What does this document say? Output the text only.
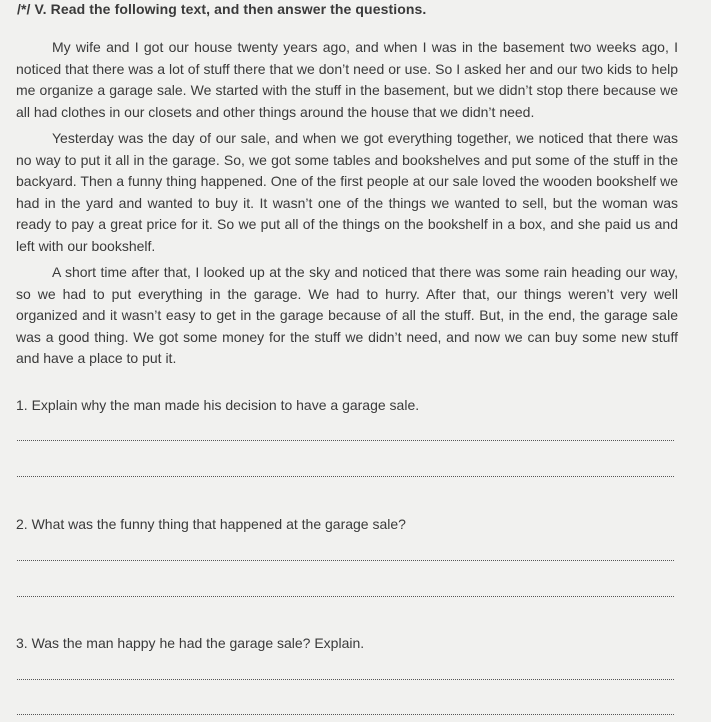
/*/ V. Read the following text, and then answer the questions.

My wife and I got our house twenty years ago, and when I was in the basement two weeks ago, I noticed that there was a lot of stuff there that we don’t need or use. So I asked her and our two kids to help me organize a garage sale. We started with the stuff in the basement, but we didn’t stop there because we all had clothes in our closets and other things around the house that we didn’t need.

Yesterday was the day of our sale, and when we got everything together, we noticed that there was no way to put it all in the garage. So, we got some tables and bookshelves and put some of the stuff in the backyard. Then a funny thing happened. One of the first people at our sale loved the wooden bookshelf we had in the yard and wanted to buy it. It wasn’t one of the things we wanted to sell, but the woman was ready to pay a great price for it. So we put all of the things on the bookshelf in a box, and she paid us and left with our bookshelf.

A short time after that, I looked up at the sky and noticed that there was some rain heading our way, so we had to put everything in the garage. We had to hurry. After that, our things weren’t very well organized and it wasn’t easy to get in the garage because of all the stuff. But, in the end, the garage sale was a good thing. We got some money for the stuff we didn’t need, and now we can buy some new stuff and have a place to put it.

1. Explain why the man made his decision to have a garage sale.
2. What was the funny thing that happened at the garage sale?
3. Was the man happy he had the garage sale? Explain.
